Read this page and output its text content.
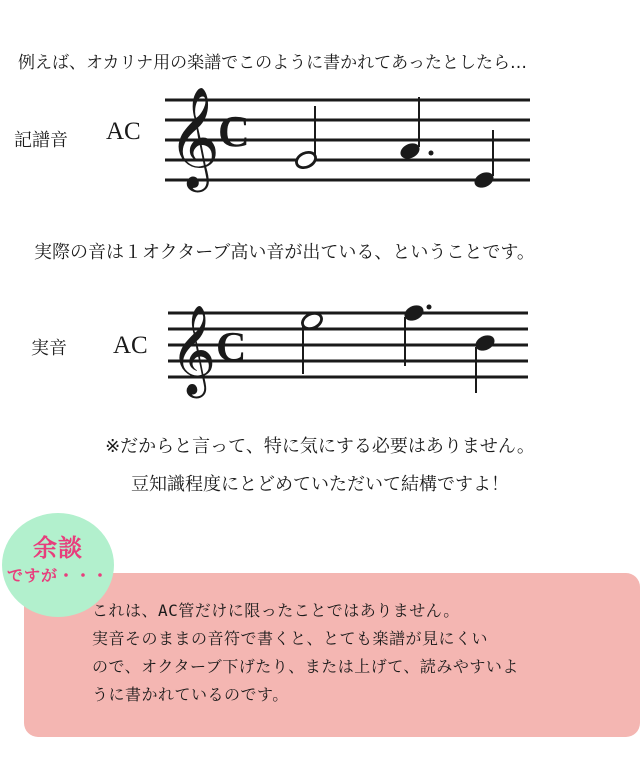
例えば、オカリナ用の楽譜でこのように書かれてあったとしたら…
記譜音 AC 𝄞
C
𝄞 C
実際の音は１オクターブ高い音が出ている、ということです。
実音 AC
※だからと言って、特に気にする必要はありません。
豆知識程度にとどめていただいて結構ですよ！
余談
ですが・・・
これは、AC管だけに限ったことではありません。
実音そのままの音符で書くと、とても楽譜が見にくい
ので、オクターブ下げたり、または上げて、読みやすいよ
うに書かれているのです。
